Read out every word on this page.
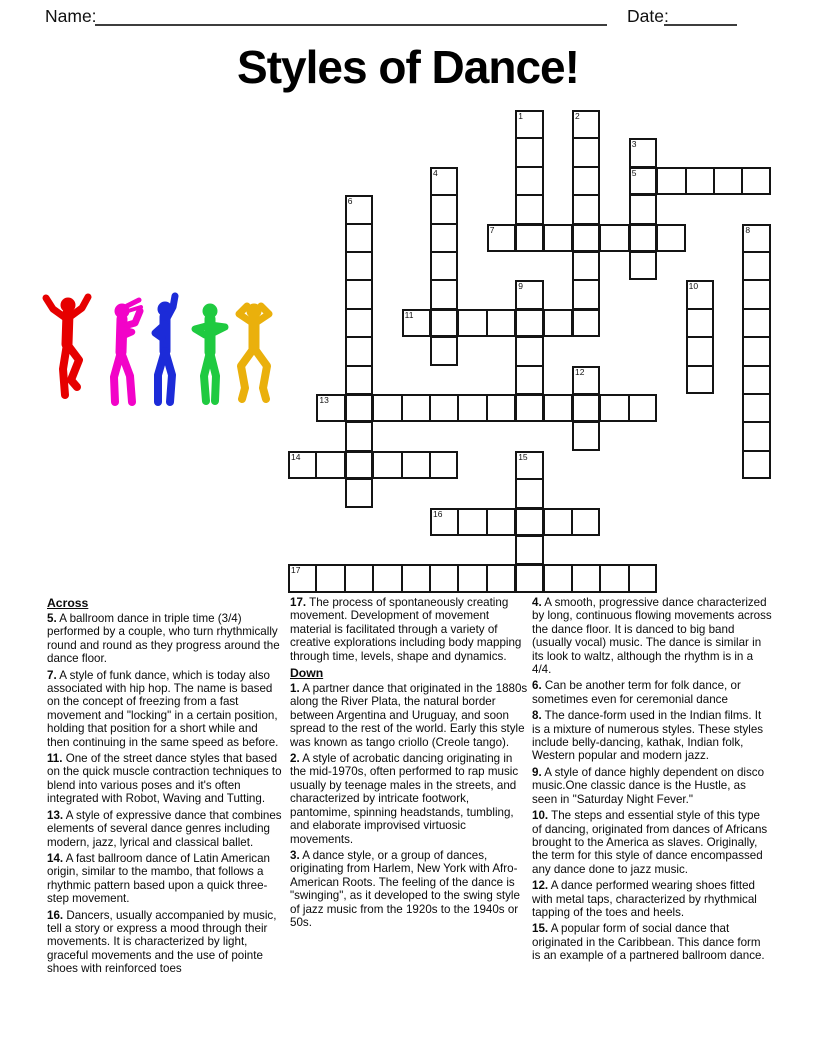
Name:	Date:
Styles of Dance!
1	2
3
5
4
6
7	8
9	10
11
12
13
14	15
16
17
Across

5. A ballroom dance in triple time (3/4) performed by a couple, who turn rhythmically round and round as they progress around the dance floor.

7. A style of funk dance, which is today also associated with hip hop. The name is based on the concept of freezing from a fast movement and "locking" in a certain position, holding that position for a short while and then continuing in the same speed as before.

11. One of the street dance styles that based on the quick muscle contraction techniques to blend into various poses and it's often integrated with Robot, Waving and Tutting.

13. A style of expressive dance that combines elements of several dance genres including modern, jazz, lyrical and classical ballet.

14. A fast ballroom dance of Latin American origin, similar to the mambo, that follows a rhythmic pattern based upon a quick three-step movement.

16. Dancers, usually accompanied by music, tell a story or express a mood through their movements. It is characterized by light, graceful movements and the use of pointe shoes with reinforced toes

17. The process of spontaneously creating movement. Development of movement material is facilitated through a variety of creative explorations including body mapping through time, levels, shape and dynamics.

Down

1. A partner dance that originated in the 1880s along the River Plata, the natural border between Argentina and Uruguay, and soon spread to the rest of the world. Early this style was known as tango criollo (Creole tango).

2. A style of acrobatic dancing originating in the mid-1970s, often performed to rap music usually by teenage males in the streets, and characterized by intricate footwork, pantomime, spinning headstands, tumbling, and elaborate improvised virtuosic movements.

3. A dance style, or a group of dances, originating from Harlem, New York with Afro-American Roots. The feeling of the dance is "swinging", as it developed to the swing style of jazz music from the 1920s to the 1940s or 50s.

4. A smooth, progressive dance characterized by long, continuous flowing movements across the dance floor. It is danced to big band (usually vocal) music. The dance is similar in its look to waltz, although the rhythm is in a 4/4.

6. Can be another term for folk dance, or sometimes even for ceremonial dance

8. The dance-form used in the Indian films. It is a mixture of numerous styles. These styles include belly-dancing, kathak, Indian folk, Western popular and modern jazz.

9. A style of dance highly dependent on disco music.One classic dance is the Hustle, as seen in "Saturday Night Fever."

10. The steps and essential style of this type of dancing, originated from dances of Africans brought to the America as slaves. Originally, the term for this style of dance encompassed any dance done to jazz music.

12. A dance performed wearing shoes fitted with metal taps, characterized by rhythmical tapping of the toes and heels.

15. A popular form of social dance that originated in the Caribbean. This dance form is an example of a partnered ballroom dance.
